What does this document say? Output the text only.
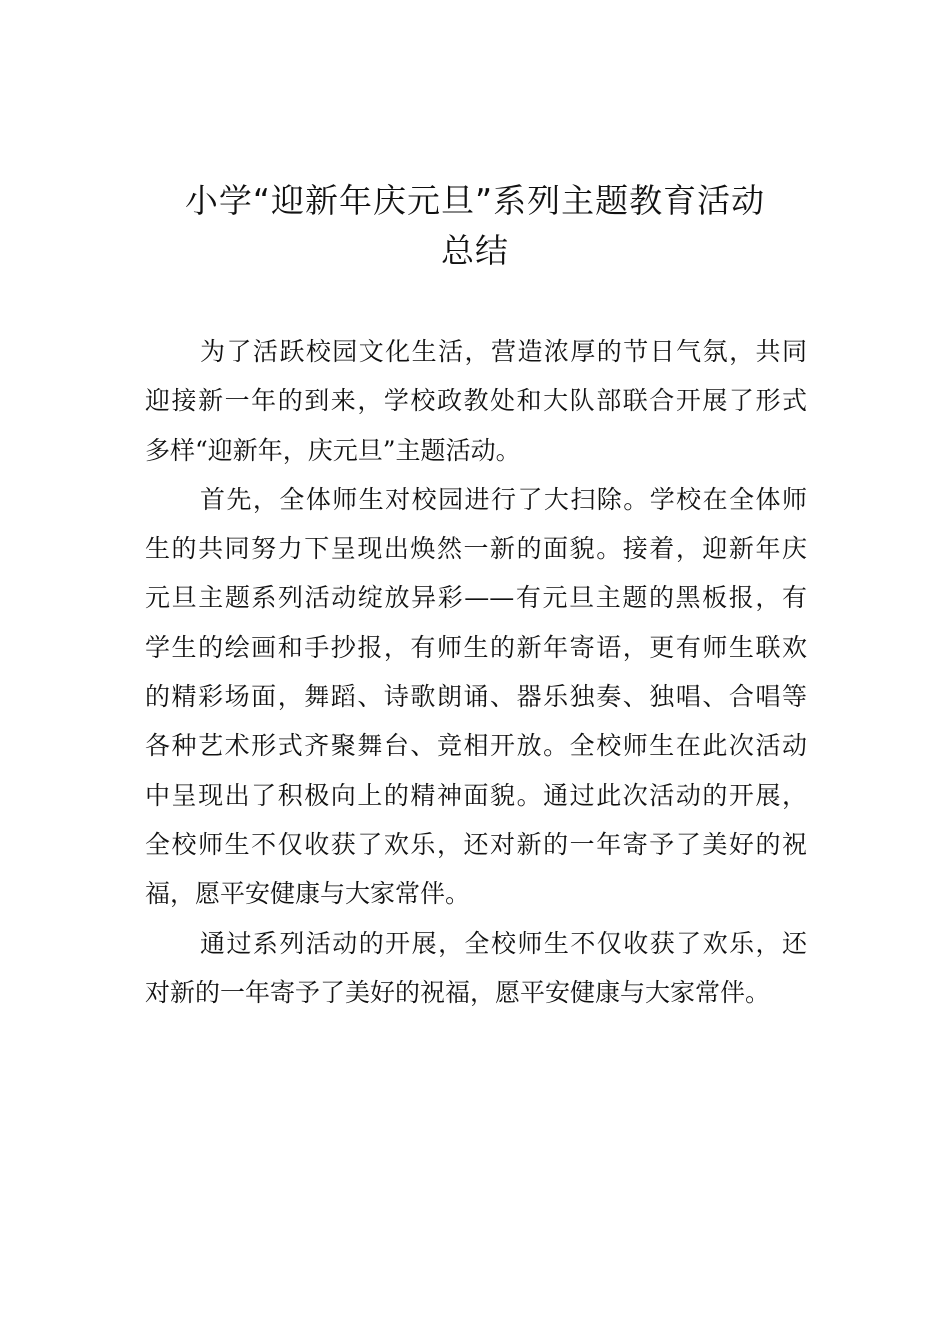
小学“迎新年庆元旦”系列主题教育活动
总结
为了活跃校园文化生活，营造浓厚的节日气氛，共同
迎接新一年的到来，学校政教处和大队部联合开展了形式
多样“迎新年，庆元旦”主题活动。
首先，全体师生对校园进行了大扫除。学校在全体师
生的共同努力下呈现出焕然一新的面貌。接着，迎新年庆
元旦主题系列活动绽放异彩——有元旦主题的黑板报，有
学生的绘画和手抄报，有师生的新年寄语，更有师生联欢
的精彩场面，舞蹈、诗歌朗诵、器乐独奏、独唱、合唱等
各种艺术形式齐聚舞台、竞相开放。全校师生在此次活动
中呈现出了积极向上的精神面貌。通过此次活动的开展，
全校师生不仅收获了欢乐，还对新的一年寄予了美好的祝
福，愿平安健康与大家常伴。
通过系列活动的开展，全校师生不仅收获了欢乐，还
对新的一年寄予了美好的祝福，愿平安健康与大家常伴。
